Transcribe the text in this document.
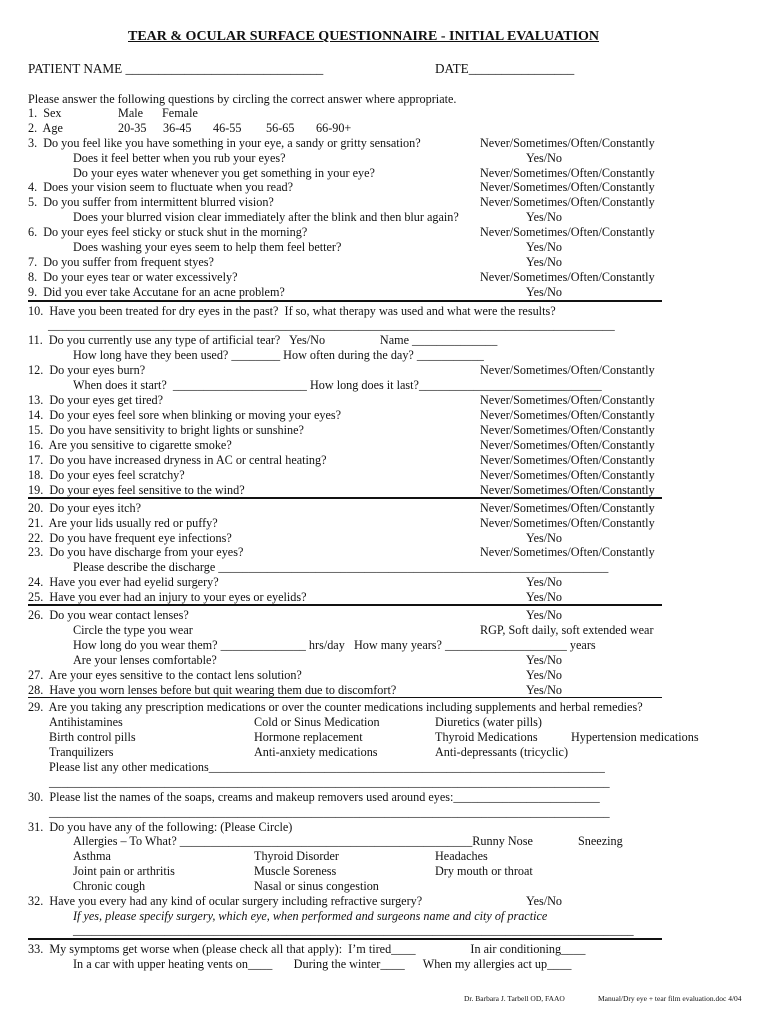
TEAR & OCULAR SURFACE QUESTIONNAIRE - INITIAL EVALUATION
PATIENT NAME ______________________________	DATE________________
Please answer the following questions by circling the correct answer where appropriate.
1.  Sex	Male Female
2.  Age	20-35 36-45 46-55 56-65 66-90+
3.  Do you feel like you have something in your eye, a sandy or gritty sensation?	Never/Sometimes/Often/Constantly
Does it feel better when you rub your eyes?	Yes/No
Do your eyes water whenever you get something in your eye?	Never/Sometimes/Often/Constantly
4.  Does your vision seem to fluctuate when you read?	Never/Sometimes/Often/Constantly
5.  Do you suffer from intermittent blurred vision?	Never/Sometimes/Often/Constantly
Does your blurred vision clear immediately after the blink and then blur again?	Yes/No
6.  Do your eyes feel sticky or stuck shut in the morning?	Never/Sometimes/Often/Constantly
Does washing your eyes seem to help them feel better?	Yes/No
7.  Do you suffer from frequent styes?	Yes/No
8.  Do your eyes tear or water excessively?	Never/Sometimes/Often/Constantly
9.  Did you ever take Accutane for an acne problem?	Yes/No
10.  Have you been treated for dry eyes in the past?  If so, what therapy was used and what were the results?
_____________________________________________________________________________________________
11.  Do you currently use any type of artificial tear?   Yes/No                  Name ______________
How long have they been used? ________ How often during the day? ___________
12.  Do your eyes burn?	Never/Sometimes/Often/Constantly
When does it start?  ______________________ How long does it last?______________________________
13.  Do your eyes get tired?	Never/Sometimes/Often/Constantly
14.  Do your eyes feel sore when blinking or moving your eyes?	Never/Sometimes/Often/Constantly
15.  Do you have sensitivity to bright lights or sunshine?	Never/Sometimes/Often/Constantly
16.  Are you sensitive to cigarette smoke?	Never/Sometimes/Often/Constantly
17.  Do you have increased dryness in AC or central heating?	Never/Sometimes/Often/Constantly
18.  Do your eyes feel scratchy?	Never/Sometimes/Often/Constantly
19.  Do your eyes feel sensitive to the wind?	Never/Sometimes/Often/Constantly
20.  Do your eyes itch?	Never/Sometimes/Often/Constantly
21.  Are your lids usually red or puffy?	Never/Sometimes/Often/Constantly
22.  Do you have frequent eye infections?	Yes/No
23.  Do you have discharge from your eyes?	Never/Sometimes/Often/Constantly
Please describe the discharge ________________________________________________________________
24.  Have you ever had eyelid surgery?	Yes/No
25.  Have you ever had an injury to your eyes or eyelids?	Yes/No
26.  Do you wear contact lenses?	Yes/No
Circle the type you wear	RGP, Soft daily, soft extended wear
How long do you wear them? ______________ hrs/day   How many years? ____________________ years
Are your lenses comfortable?	Yes/No
27.  Are your eyes sensitive to the contact lens solution?	Yes/No
28.  Have you worn lenses before but quit wearing them due to discomfort?	Yes/No
29.  Are you taking any prescription medications or over the counter medications including supplements and herbal remedies?
Antihistamines	Cold or Sinus Medication	Diuretics (water pills)
Birth control pills	Hormone replacement	Thyroid Medications	Hypertension medications
Tranquilizers	Anti-anxiety medications	Anti-depressants (tricyclic)
Please list any other medications_________________________________________________________________
____________________________________________________________________________________________
30.  Please list the names of the soaps, creams and makeup removers used around eyes:________________________
____________________________________________________________________________________________
31.  Do you have any of the following: (Please Circle)
Allergies – To What? ________________________________________________Runny Nose	Sneezing
Asthma	Thyroid Disorder	Headaches
Joint pain or arthritis	Muscle Soreness	Dry mouth or throat
Chronic cough	Nasal or sinus congestion
32.  Have you every had any kind of ocular surgery including refractive surgery?	Yes/No
If yes, please specify surgery, which eye, when performed and surgeons name and city of practice
____________________________________________________________________________________________
33.  My symptoms get worse when (please check all that apply):  I’m tired____                  In air conditioning____
In a car with upper heating vents on____       During the winter____      When my allergies act up____
Dr. Barbara J. Tarbell OD, FAAO	Manual/Dry eye + tear film evaluation.doc 4/04
